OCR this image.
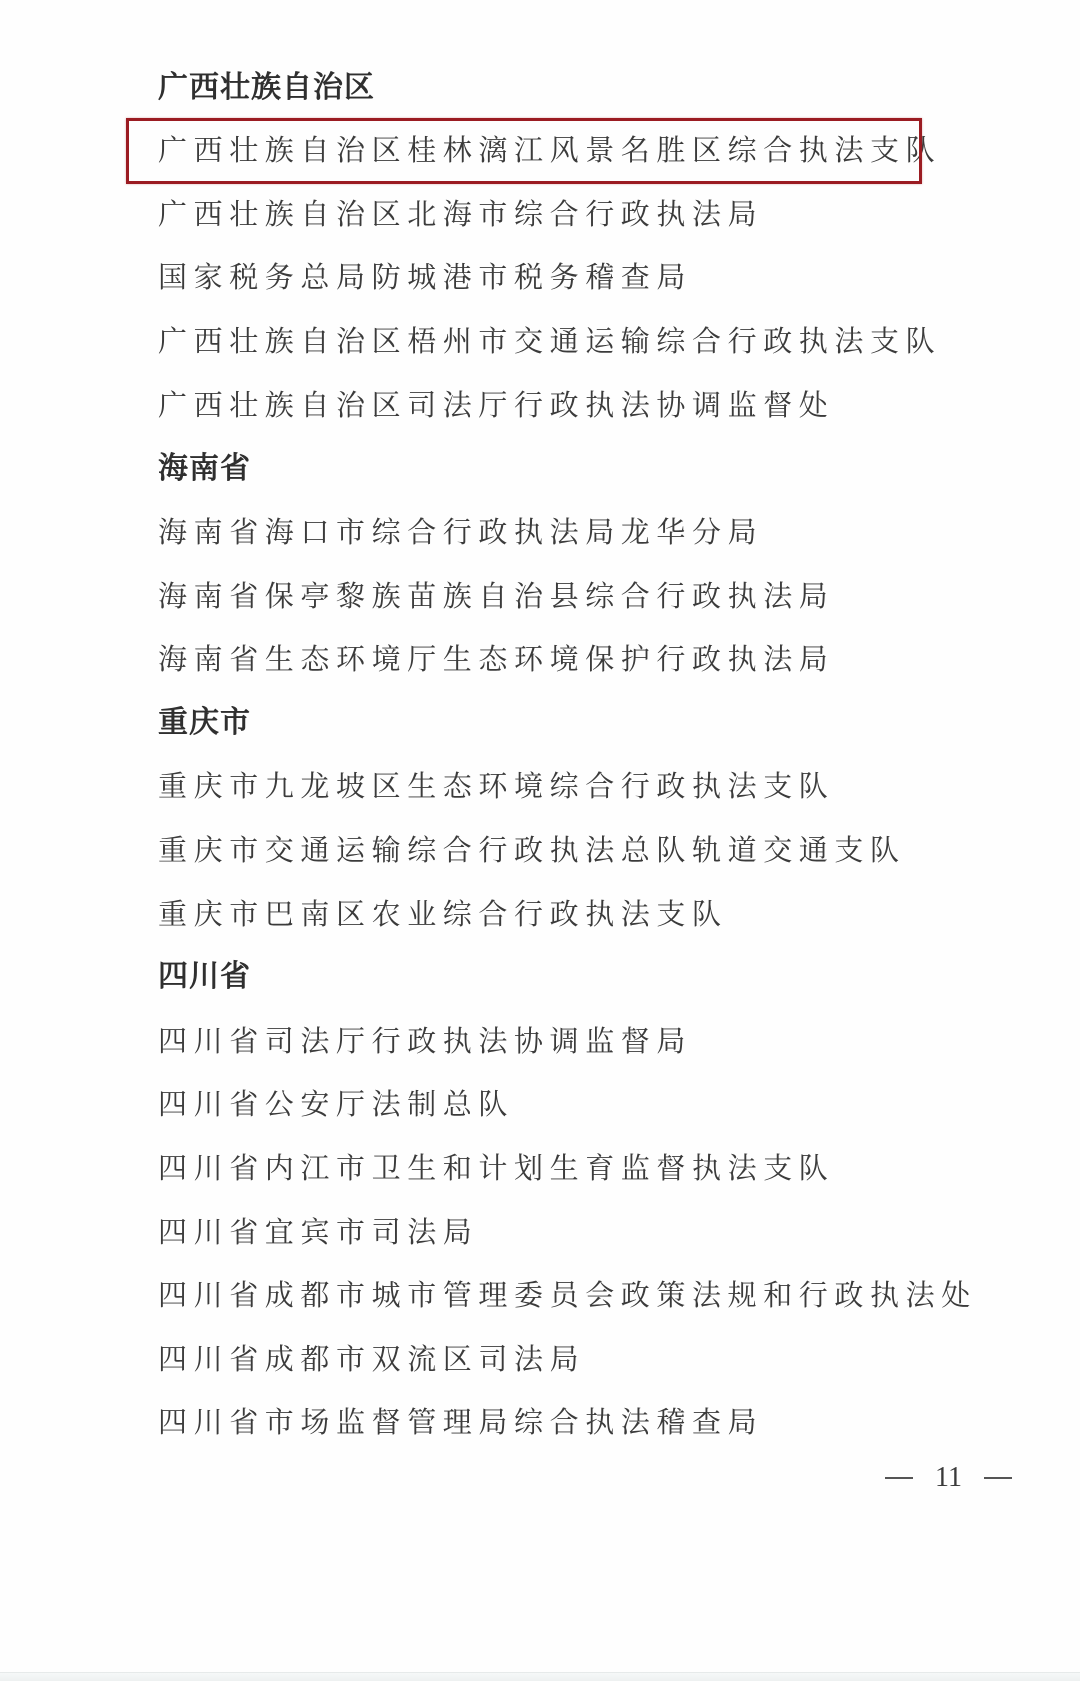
广西壮族自治区
广西壮族自治区桂林漓江风景名胜区综合执法支队
广西壮族自治区北海市综合行政执法局
国家税务总局防城港市税务稽查局
广西壮族自治区梧州市交通运输综合行政执法支队
广西壮族自治区司法厅行政执法协调监督处
海南省
海南省海口市综合行政执法局龙华分局
海南省保亭黎族苗族自治县综合行政执法局
海南省生态环境厅生态环境保护行政执法局
重庆市
重庆市九龙坡区生态环境综合行政执法支队
重庆市交通运输综合行政执法总队轨道交通支队
重庆市巴南区农业综合行政执法支队
四川省
四川省司法厅行政执法协调监督局
四川省公安厅法制总队
四川省内江市卫生和计划生育监督执法支队
四川省宜宾市司法局
四川省成都市城市管理委员会政策法规和行政执法处
四川省成都市双流区司法局
四川省市场监督管理局综合执法稽查局
11
